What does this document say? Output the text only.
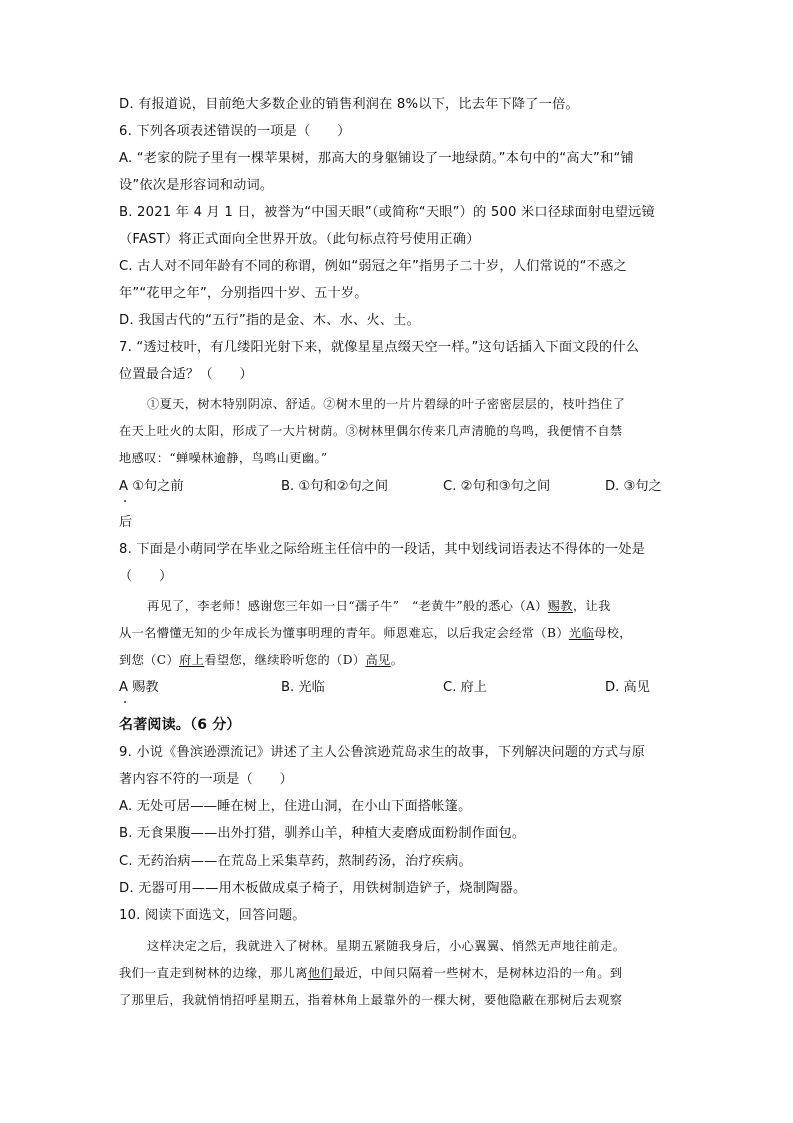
D. 有报道说，目前绝大多数企业的销售利润在 8%以下，比去年下降了一倍。
6. 下列各项表述错误的一项是（　　）
A. “老家的院子里有一棵苹果树，那高大的身躯铺设了一地绿荫。”本句中的“高大”和“铺
设”依次是形容词和动词。
B. 2021 年 4 月 1 日，被誉为“中国天眼”（或简称“天眼”）的 500 米口径球面射电望远镜
（FAST）将正式面向全世界开放。（此句标点符号使用正确）
C. 古人对不同年龄有不同的称谓，例如“弱冠之年”指男子二十岁，人们常说的“不惑之
年”“花甲之年”，分别指四十岁、五十岁。
D. 我国古代的“五行”指的是金、木、水、火、土。
7. “透过枝叶，有几缕阳光射下来，就像星星点缀天空一样。”这句话插入下面文段的什么
位置最合适？（　　）
①夏天，树木特别阴凉、舒适。②树木里的一片片碧绿的叶子密密层层的，枝叶挡住了
在天上吐火的太阳，形成了一大片树荫。③树林里偶尔传来几声清脆的鸟鸣，我便情不自禁
地感叹：“蝉噪林逾静，鸟鸣山更幽。”
A ①句之前	B. ①句和②句之间	C. ②句和③句之间	D. ③句之
后
8. 下面是小萌同学在毕业之际给班主任信中的一段话，其中划线词语表达不得体的一处是
（　　）
再见了，李老师！感谢您三年如一日“孺子牛”　“老黄牛”般的悉心（A）赐教，让我
从一名懵懂无知的少年成长为懂事明理的青年。师恩难忘，以后我定会经常（B）光临母校，
到您（C）府上看望您，继续聆听您的（D）高见。
A 赐教	B. 光临	C. 府上	D. 高见
名著阅读。（6 分）
9. 小说《鲁滨逊漂流记》讲述了主人公鲁滨逊荒岛求生的故事，下列解决问题的方式与原
著内容不符的一项是（　　）
A. 无处可居——睡在树上，住进山洞，在小山下面搭帐篷。
B. 无食果腹——出外打猎，驯养山羊，种植大麦磨成面粉制作面包。
C. 无药治病——在荒岛上采集草药，熬制药汤，治疗疾病。
D. 无器可用——用木板做成桌子椅子，用铁树制造铲子，烧制陶器。
10. 阅读下面选文，回答问题。
这样决定之后，我就进入了树林。星期五紧随我身后，小心翼翼、悄然无声地往前走。
我们一直走到树林的边缘，那儿离他们最近，中间只隔着一些树木，是树林边沿的一角。到
了那里后，我就悄悄招呼星期五，指着林角上最靠外的一棵大树，要他隐蔽在那树后去观察
